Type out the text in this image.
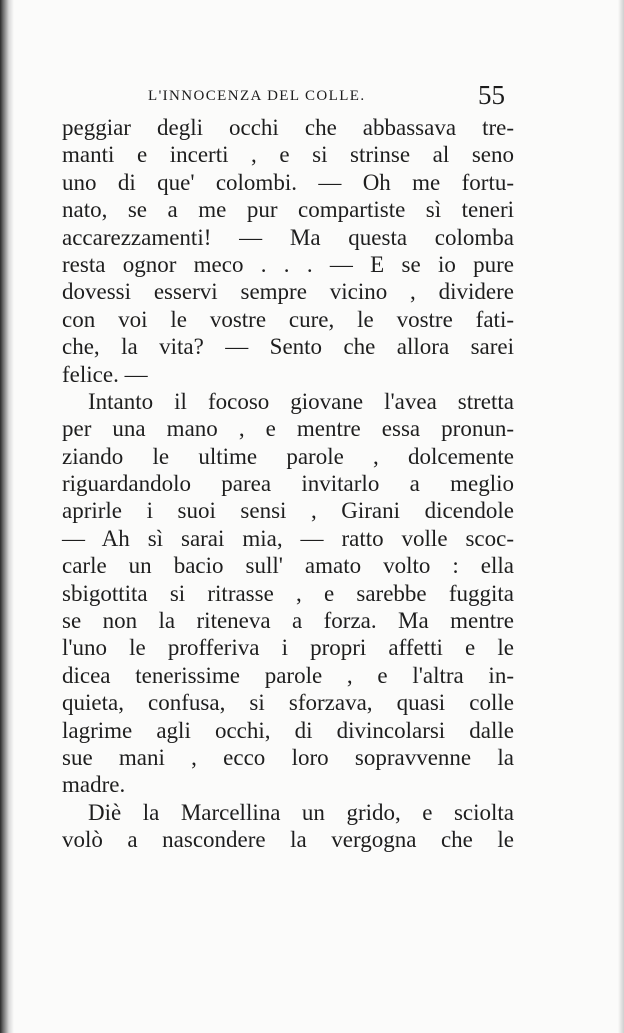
L'INNOCENZA DEL COLLE.	55
peggiar degli occhi che abbassava tre-
manti e incerti , e si strinse al seno
uno di que' colombi. — Oh me fortu-
nato, se a me pur compartiste sì teneri
accarezzamenti! — Ma questa colomba
resta ognor meco . . . — E se io pure
dovessi esservi sempre vicino , dividere
con voi le vostre cure, le vostre fati-
che, la vita? — Sento che allora sarei
felice. —
Intanto il focoso giovane l'avea stretta
per una mano , e mentre essa pronun-
ziando le ultime parole , dolcemente
riguardandolo parea invitarlo a meglio
aprirle i suoi sensi , Girani dicendole
— Ah sì sarai mia, — ratto volle scoc-
carle un bacio sull' amato volto : ella
sbigottita si ritrasse , e sarebbe fuggita
se non la riteneva a forza. Ma mentre
l'uno le profferiva i propri affetti e le
dicea tenerissime parole , e l'altra in-
quieta, confusa, si sforzava, quasi colle
lagrime agli occhi, di divincolarsi dalle
sue mani , ecco loro sopravvenne la
madre.
Diè la Marcellina un grido, e sciolta
volò a nascondere la vergogna che le
